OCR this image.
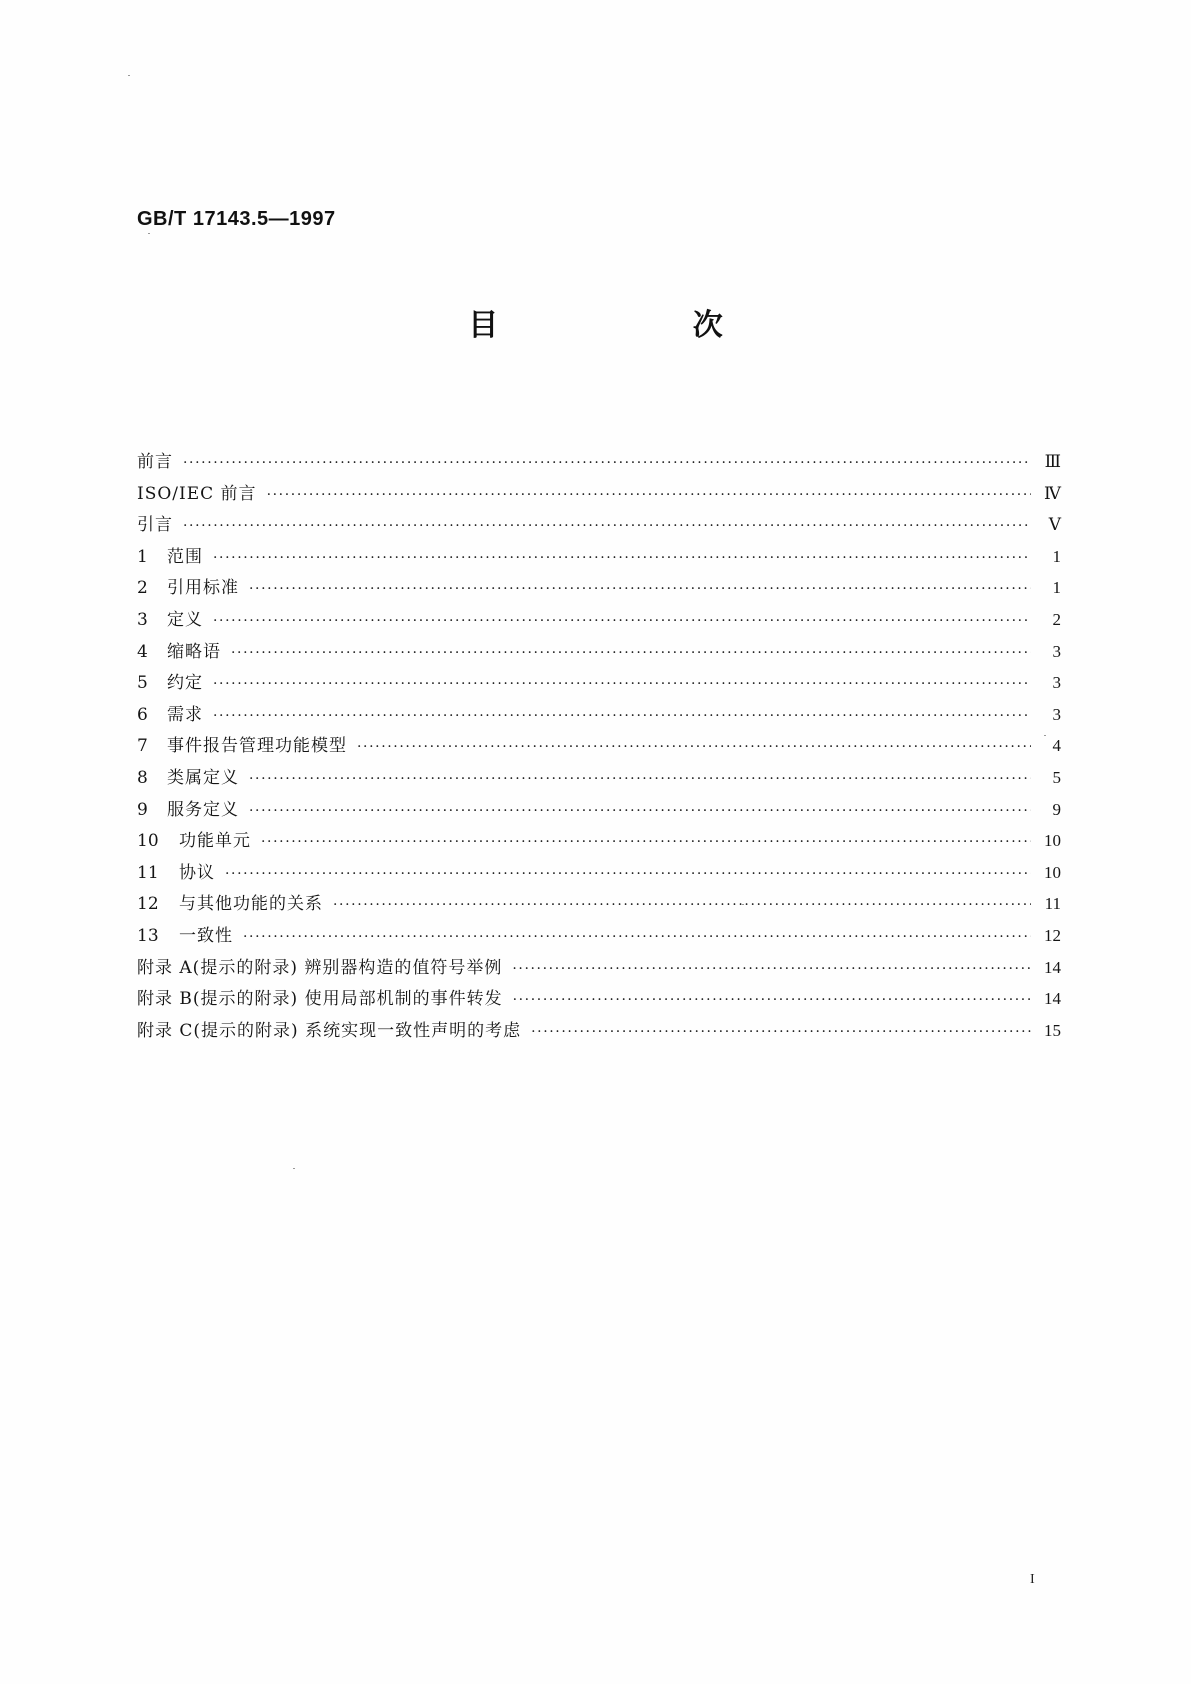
GB/T 17143.5—1997
目 次
前言 ·····	Ⅲ
ISO/IEC 前言 ·····	Ⅳ
引言 ·····	Ⅴ
1	范围 ·····	1
2	引用标准 ·····	1
3	定义 ·····	2
4	缩略语 ·····	3
5	约定 ·····	3
6	需求 ·····	3
7	事件报告管理功能模型 ·····	4
8	类属定义 ·····	5
9	服务定义 ·····	9
10	功能单元 ·····	10
11	协议 ·····	10
12	与其他功能的关系 ·····	11
13	一致性 ·····	12
附录 A(提示的附录) 辨别器构造的值符号举例 ·····	14
附录 B(提示的附录) 使用局部机制的事件转发 ·····	14
附录 C(提示的附录) 系统实现一致性声明的考虑 ·····	15
I
